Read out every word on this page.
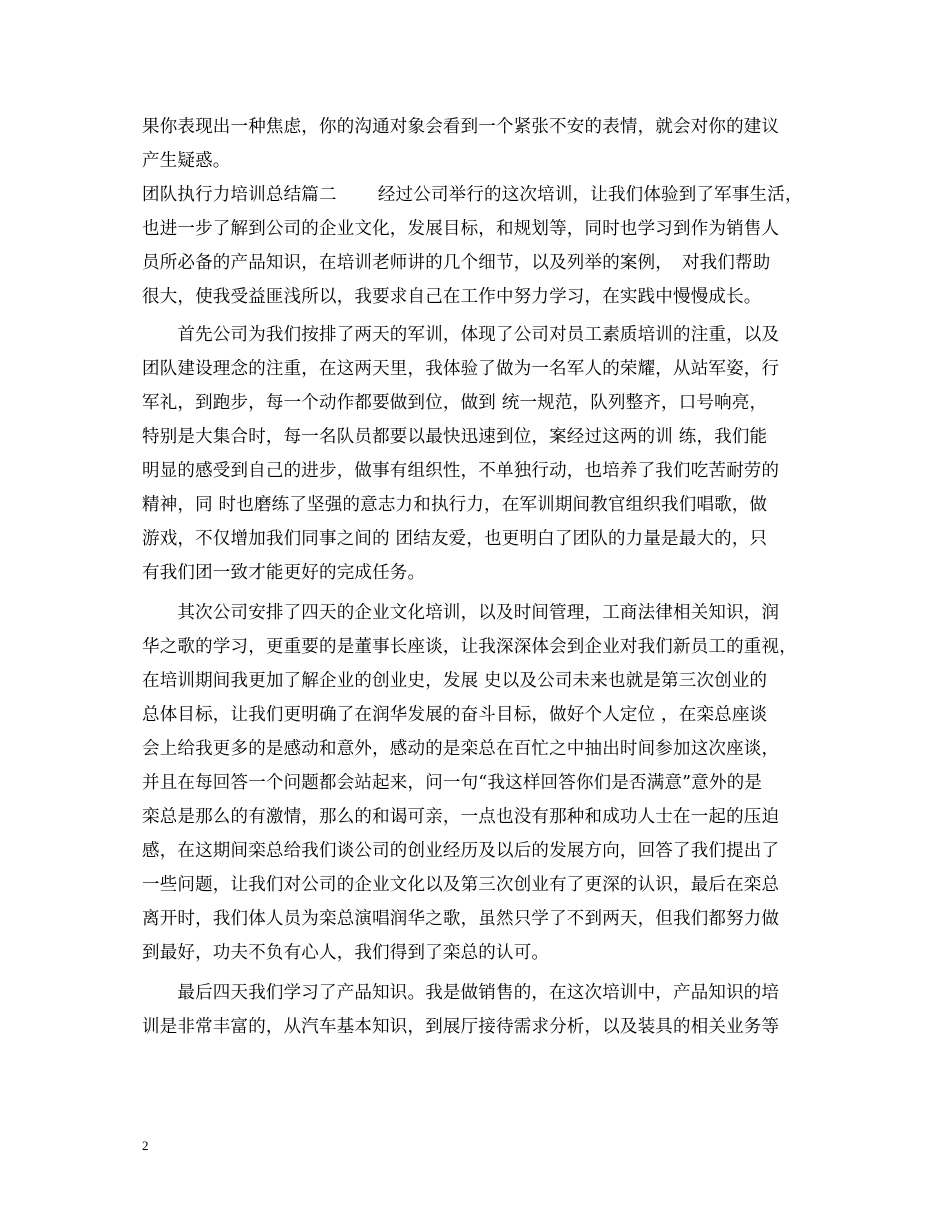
果你表现出一种焦虑，你的沟通对象会看到一个紧张不安的表情，就会对你的建议
产生疑惑。
团队执行力培训总结篇二　　 经过公司举行的这次培训，让我们体验到了军事生活，
也进一步了解到公司的企业文化，发展目标，和规划等，同时也学习到作为销售人
员所必备的产品知识，在培训老师讲的几个细节，以及列举的案例，　对我们帮助
很大，使我受益匪浅所以，我要求自己在工作中努力学习，在实践中慢慢成长。
　　首先公司为我们按排了两天的军训，体现了公司对员工素质培训的注重，以及
团队建设理念的注重，在这两天里，我体验了做为一名军人的荣耀，从站军姿，行
军礼，到跑步，每一个动作都要做到位，做到 统一规范，队列整齐，口号响亮，
特别是大集合时，每一名队员都要以最快迅速到位，案经过这两的训 练，我们能
明显的感受到自己的进步，做事有组织性，不单独行动，也培养了我们吃苦耐劳的
精神，同 时也磨练了坚强的意志力和执行力，在军训期间教官组织我们唱歌，做
游戏，不仅增加我们同事之间的 团结友爱，也更明白了团队的力量是最大的，只
有我们团一致才能更好的完成任务。
　　其次公司安排了四天的企业文化培训，以及时间管理，工商法律相关知识，润
华之歌的学习，更重要的是董事长座谈，让我深深体会到企业对我们新员工的重视，
在培训期间我更加了解企业的创业史，发展 史以及公司未来也就是第三次创业的
总体目标，让我们更明确了在润华发展的奋斗目标，做好个人定位 ，在栾总座谈
会上给我更多的是感动和意外，感动的是栾总在百忙之中抽出时间参加这次座谈，
并且在每回答一个问题都会站起来，问一句“我这样回答你们是否满意”意外的是
栾总是那么的有激情，那么的和谒可亲，一点也没有那种和成功人士在一起的压迫
感，在这期间栾总给我们谈公司的创业经历及以后的发展方向，回答了我们提出了
一些问题，让我们对公司的企业文化以及第三次创业有了更深的认识，最后在栾总
离开时，我们体人员为栾总演唱润华之歌，虽然只学了不到两天，但我们都努力做
到最好，功夫不负有心人，我们得到了栾总的认可。
　　最后四天我们学习了产品知识。我是做销售的，在这次培训中，产品知识的培
训是非常丰富的，从汽车基本知识，到展厅接待需求分析，以及装具的相关业务等
2
